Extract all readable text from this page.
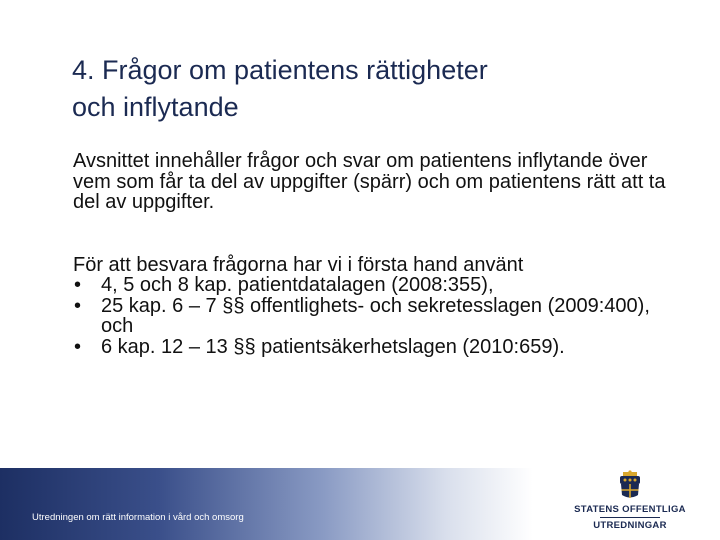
4. Frågor om patientens rättigheter
och inflytande

Avsnittet innehåller frågor och svar om patientens inflytande över vem som får ta del av uppgifter (spärr) och om patientens rätt att ta del av uppgifter.

För att besvara frågorna har vi i första hand använt

• 4, 5 och 8 kap. patientdatalagen (2008:355),
• 25 kap. 6 – 7 §§ offentlighets- och sekretesslagen (2009:400), och
• 6 kap. 12 – 13 §§ patientsäkerhetslagen (2010:659).
Utredningen om rätt information i vård och omsorg
STATENS OFFENTLIGA
UTREDNINGAR
